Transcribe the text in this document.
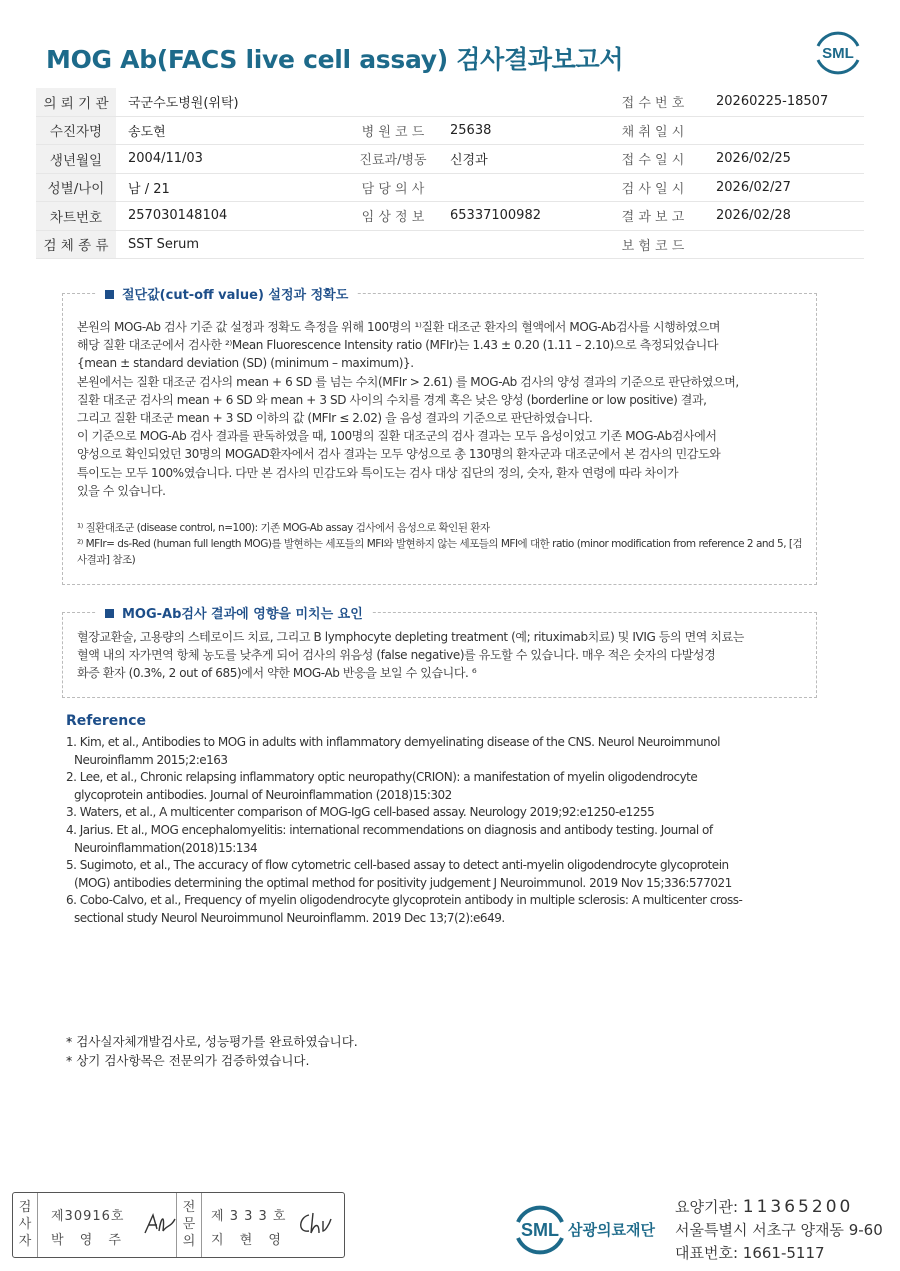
MOG Ab(FACS live cell assay) 검사결과보고서	SML
의 뢰 기 관	국군수도병원(위탁)			접 수 번 호	20260225-18507
수진자명	송도현	병 원 코 드	25638	채 취 일 시	
생년월일	2004/11/03	진료과/병동	신경과	접 수 일 시	2026/02/25
성별/나이	남 / 21	담 당 의 사		검 사 일 시	2026/02/27
차트번호	257030148104	임 상 정 보	65337100982	결 과 보 고	2026/02/28
검 체 종 류	SST Serum			보 험 코 드	
절단값(cut-off value) 설정과 정확도
본원의 MOG-Ab 검사 기준 값 설정과 정확도 측정을 위해 100명의 ¹⁾질환 대조군 환자의 혈액에서 MOG-Ab검사를 시행하였으며
해당 질환 대조군에서 검사한 ²⁾Mean Fluorescence Intensity ratio (MFIr)는 1.43 ± 0.20 (1.11 – 2.10)으로 측정되었습니다
{mean ± standard deviation (SD) (minimum – maximum)}.
본원에서는 질환 대조군 검사의 mean + 6 SD 를 넘는 수치(MFIr > 2.61) 를 MOG-Ab 검사의 양성 결과의 기준으로 판단하였으며,
질환 대조군 검사의 mean + 6 SD 와 mean + 3 SD 사이의 수치를 경계 혹은 낮은 양성 (borderline or low positive) 결과,
그리고 질환 대조군 mean + 3 SD 이하의 값 (MFIr ≤ 2.02) 을 음성 결과의 기준으로 판단하였습니다.
이 기준으로 MOG-Ab 검사 결과를 판독하였을 때, 100명의 질환 대조군의 검사 결과는 모두 음성이었고 기존 MOG-Ab검사에서
양성으로 확인되었던 30명의 MOGAD환자에서 검사 결과는 모두 양성으로 총 130명의 환자군과 대조군에서 본 검사의 민감도와
특이도는 모두 100%였습니다. 다만 본 검사의 민감도와 특이도는 검사 대상 집단의 정의, 숫자, 환자 연령에 따라 차이가
있을 수 있습니다.
¹⁾ 질환대조군 (disease control, n=100): 기존 MOG-Ab assay 검사에서 음성으로 확인된 환자
²⁾ MFIr= ds-Red (human full length MOG)를 발현하는 세포들의 MFI와 발현하지 않는 세포들의 MFI에 대한 ratio (minor modification from reference 2 and 5, [검
사결과] 참조)
MOG-Ab검사 결과에 영향을 미치는 요인
혈장교환술, 고용량의 스테로이드 치료, 그리고 B lymphocyte depleting treatment (예; rituximab치료) 및 IVIG 등의 면역 치료는
혈액 내의 자가면역 항체 농도를 낮추게 되어 검사의 위음성 (false negative)를 유도할 수 있습니다. 매우 적은 숫자의 다발성경
화증 환자 (0.3%, 2 out of 685)에서 약한 MOG-Ab 반응을 보일 수 있습니다. ⁶
Reference
1. Kim, et al., Antibodies to MOG in adults with inflammatory demyelinating disease of the CNS. Neurol Neuroimmunol Neuroinflamm 2015;2:e163
2. Lee, et al., Chronic relapsing inflammatory optic neuropathy(CRION): a manifestation of myelin oligodendrocyte glycoprotein antibodies. Journal of Neuroinflammation (2018)15:302
3. Waters, et al., A multicenter comparison of MOG-IgG cell-based assay. Neurology 2019;92:e1250-e1255
4. Jarius. Et al., MOG encephalomyelitis: international recommendations on diagnosis and antibody testing. Journal of Neuroinflammation(2018)15:134
5. Sugimoto, et al., The accuracy of flow cytometric cell-based assay to detect anti-myelin oligodendrocyte glycoprotein (MOG) antibodies determining the optimal method for positivity judgement J Neuroimmunol. 2019 Nov 15;336:577021
6. Cobo-Calvo, et al., Frequency of myelin oligodendrocyte glycoprotein antibody in multiple sclerosis: A multicenter cross-sectional study Neurol Neuroimmunol Neuroinflamm. 2019 Dec 13;7(2):e649.
* 검사실자체개발검사로, 성능평가를 완료하였습니다.
* 상기 검사항목은 전문의가 검증하였습니다.
검
사
자
제30916호
박 영 주
전
문
의
제 3 3 3 호
지 현 영
SML 삼광의료재단
요양기관: 11365200
서울특별시 서초구 양재동 9-60
대표번호: 1661-5117
